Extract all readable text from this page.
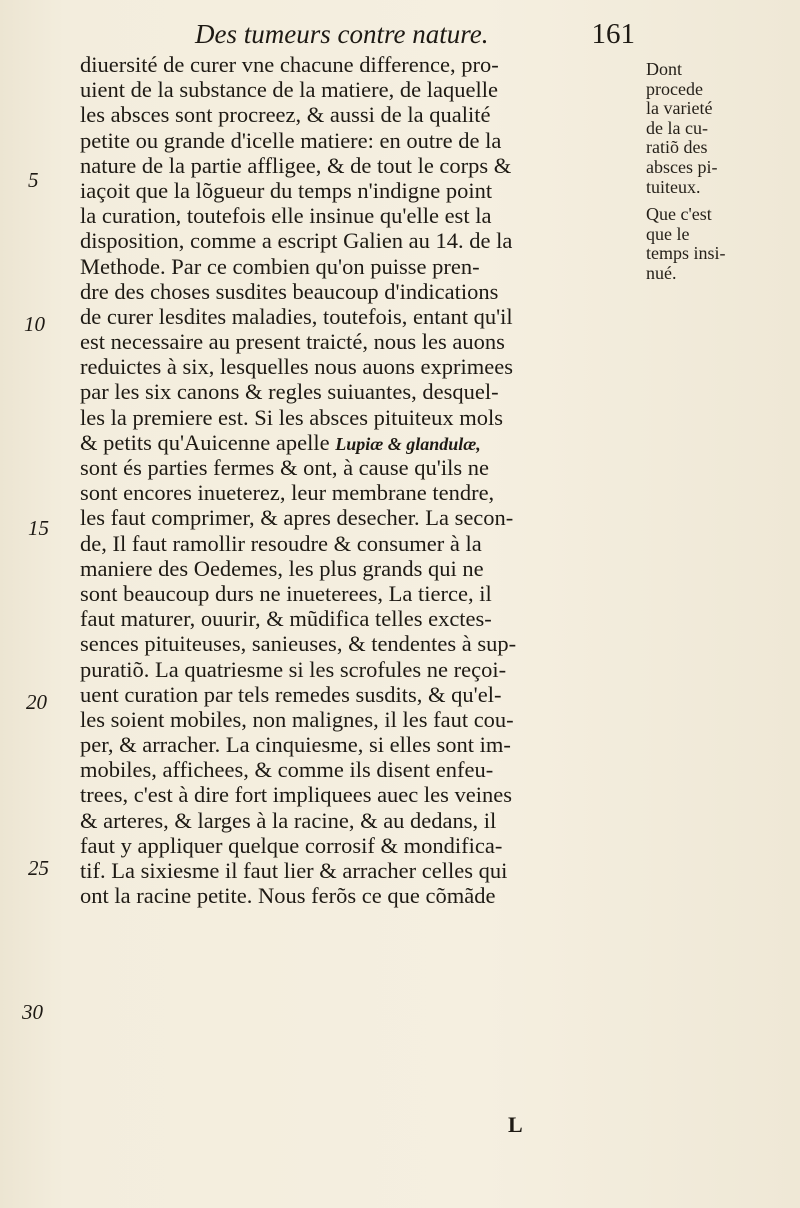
Des tumeurs contre nature.	161
diuersité de curer vne chacune difference, pro-
uient de la substance de la matiere, de laquelle
les absces sont procreez, & aussi de la qualité
petite ou grande d'icelle matiere: en outre de la
nature de la partie affligee, & de tout le corps &
iaçoit que la lõgueur du temps n'indigne point
la curation, toutefois elle insinue qu'elle est la
disposition, comme a escript Galien au 14. de la
Methode. Par ce combien qu'on puisse pren-
dre des choses susdites beaucoup d'indications
de curer lesdites maladies, toutefois, entant qu'il
est necessaire au present traicté, nous les auons
reduictes à six, lesquelles nous auons exprimees
par les six canons & regles suiuantes, desquel-
les la premiere est. Si les absces pituiteux mols
& petits qu'Auicenne apelle Lupiæ & glandulæ,
sont és parties fermes & ont, à cause qu'ils ne
sont encores inueterez, leur membrane tendre,
les faut comprimer, & apres desecher. La secon-
de, Il faut ramollir resoudre & consumer à la
maniere des Oedemes, les plus grands qui ne
sont beaucoup durs ne inueterees, La tierce, il
faut maturer, ouurir, & mũdifica telles exctes-
sences pituiteuses, sanieuses, & tendentes à sup-
puratiõ. La quatriesme si les scrofules ne reçoi-
uent curation par tels remedes susdits, & qu'el-
les soient mobiles, non malignes, il les faut cou-
per, & arracher. La cinquiesme, si elles sont im-
mobiles, affichees, & comme ils disent enfeu-
trees, c'est à dire fort impliquees auec les veines
& arteres, & larges à la racine, & au dedans, il
faut y appliquer quelque corrosif & mondifica-
tif. La sixiesme il faut lier & arracher celles qui
ont la racine petite. Nous ferõs ce que cõmãde
Dont
procede
la varieté
de la cu-
ratiõ des
absces pi-
tuiteux.
Que c'est
que le
temps insi-
nué.
5
10
15
20
25
30
L
